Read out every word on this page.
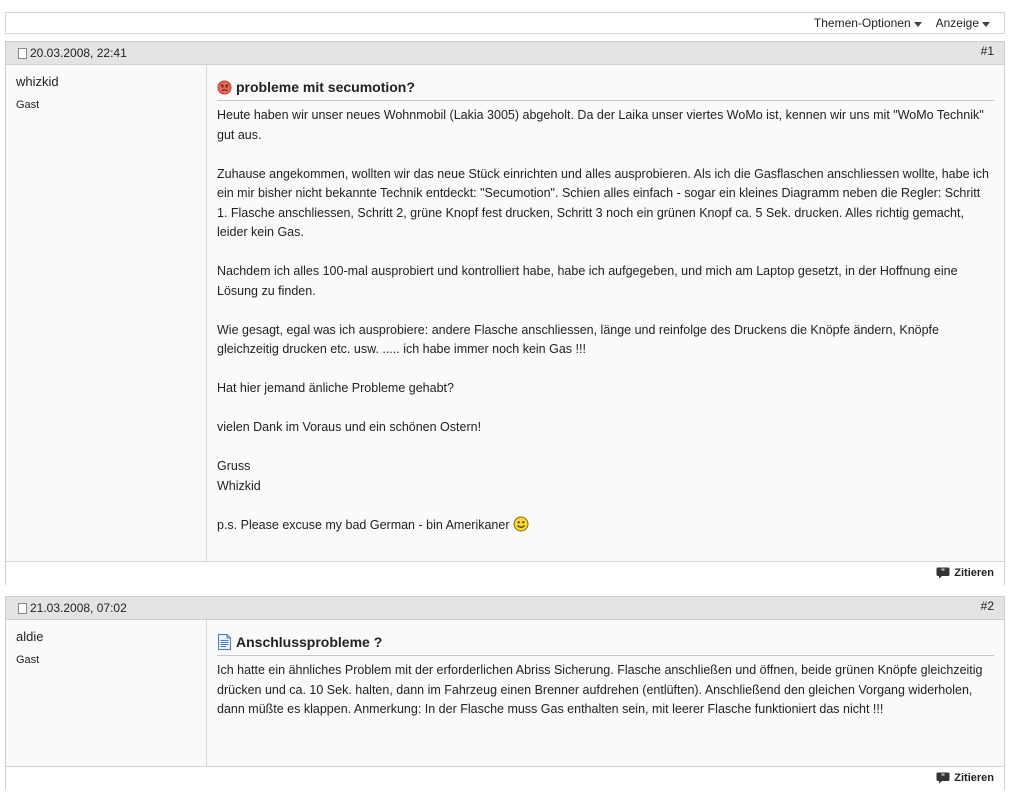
Themen-Optionen Anzeige
20.03.2008, 22:41	#1
whizkid
Gast
probleme mit secumotion?

Heute haben wir unser neues Wohnmobil (Lakia 3005) abgeholt. Da der Laika unser viertes WoMo ist, kennen wir uns mit "WoMo Technik" gut aus.

Zuhause angekommen, wollten wir das neue Stück einrichten und alles ausprobieren. Als ich die Gasflaschen anschliessen wollte, habe ich ein mir bisher nicht bekannte Technik entdeckt: "Secumotion". Schien alles einfach - sogar ein kleines Diagramm neben die Regler: Schritt 1. Flasche anschliessen, Schritt 2, grüne Knopf fest drucken, Schritt 3 noch ein grünen Knopf ca. 5 Sek. drucken. Alles richtig gemacht, leider kein Gas.

Nachdem ich alles 100-mal ausprobiert und kontrolliert habe, habe ich aufgegeben, und mich am Laptop gesetzt, in der Hoffnung eine Lösung zu finden.

Wie gesagt, egal was ich ausprobiere: andere Flasche anschliessen, länge und reinfolge des Druckens die Knöpfe ändern, Knöpfe gleichzeitig drucken etc. usw. ..... ich habe immer noch kein Gas !!!

Hat hier jemand änliche Probleme gehabt?

vielen Dank im Voraus und ein schönen Ostern!

Gruss
Whizkid

p.s. Please excuse my bad German - bin Amerikaner

" Zitieren
21.03.2008, 07:02	#2
aldie
Gast
Anschlussprobleme ?

Ich hatte ein ähnliches Problem mit der erforderlichen Abriss Sicherung. Flasche anschließen und öffnen, beide grünen Knöpfe gleichzeitig drücken und ca. 10 Sek. halten, dann im Fahrzeug einen Brenner aufdrehen (entlüften). Anschließend den gleichen Vorgang widerholen, dann müßte es klappen. Anmerkung: In der Flasche muss Gas enthalten sein, mit leerer Flasche funktioniert das nicht !!!

" Zitieren
